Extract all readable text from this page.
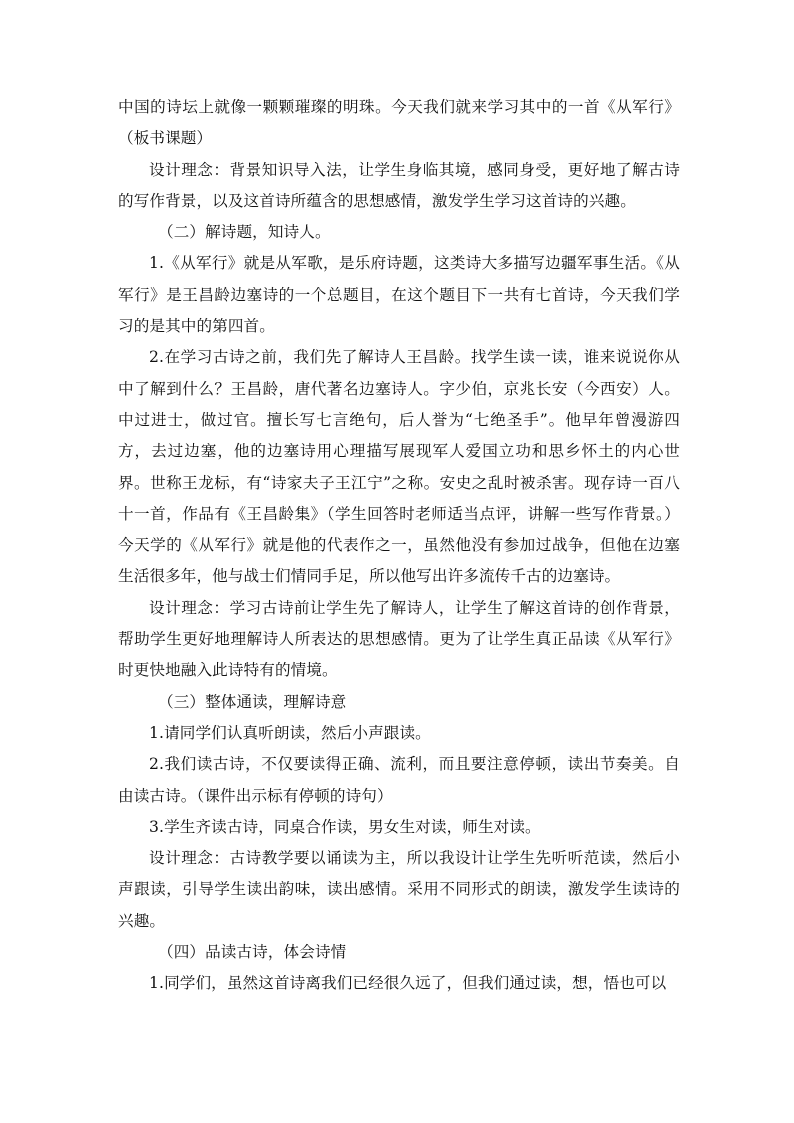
中国的诗坛上就像一颗颗璀璨的明珠。今天我们就来学习其中的一首《从军行》（板书课题）

设计理念：背景知识导入法，让学生身临其境，感同身受，更好地了解古诗的写作背景，以及这首诗所蕴含的思想感情，激发学生学习这首诗的兴趣。

（二）解诗题，知诗人。

1.《从军行》就是从军歌，是乐府诗题，这类诗大多描写边疆军事生活。《从军行》是王昌龄边塞诗的一个总题目，在这个题目下一共有七首诗，今天我们学习的是其中的第四首。

2.在学习古诗之前，我们先了解诗人王昌龄。找学生读一读，谁来说说你从中了解到什么？王昌龄，唐代著名边塞诗人。字少伯，京兆长安（今西安）人。中过进士，做过官。擅长写七言绝句，后人誉为“七绝圣手”。他早年曾漫游四方，去过边塞，他的边塞诗用心理描写展现军人爱国立功和思乡怀土的内心世界。世称王龙标，有“诗家夫子王江宁”之称。安史之乱时被杀害。现存诗一百八十一首，作品有《王昌龄集》（学生回答时老师适当点评，讲解一些写作背景。）今天学的《从军行》就是他的代表作之一，虽然他没有参加过战争，但他在边塞生活很多年，他与战士们情同手足，所以他写出许多流传千古的边塞诗。

设计理念：学习古诗前让学生先了解诗人，让学生了解这首诗的创作背景，帮助学生更好地理解诗人所表达的思想感情。更为了让学生真正品读《从军行》时更快地融入此诗特有的情境。

（三）整体通读，理解诗意

1.请同学们认真听朗读，然后小声跟读。

2.我们读古诗，不仅要读得正确、流利，而且要注意停顿，读出节奏美。自由读古诗。（课件出示标有停顿的诗句）

3.学生齐读古诗，同桌合作读，男女生对读，师生对读。

设计理念：古诗教学要以诵读为主，所以我设计让学生先听听范读，然后小声跟读，引导学生读出韵味，读出感情。采用不同形式的朗读，激发学生读诗的兴趣。

（四）品读古诗，体会诗情

1.同学们，虽然这首诗离我们已经很久远了，但我们通过读，想，悟也可以
